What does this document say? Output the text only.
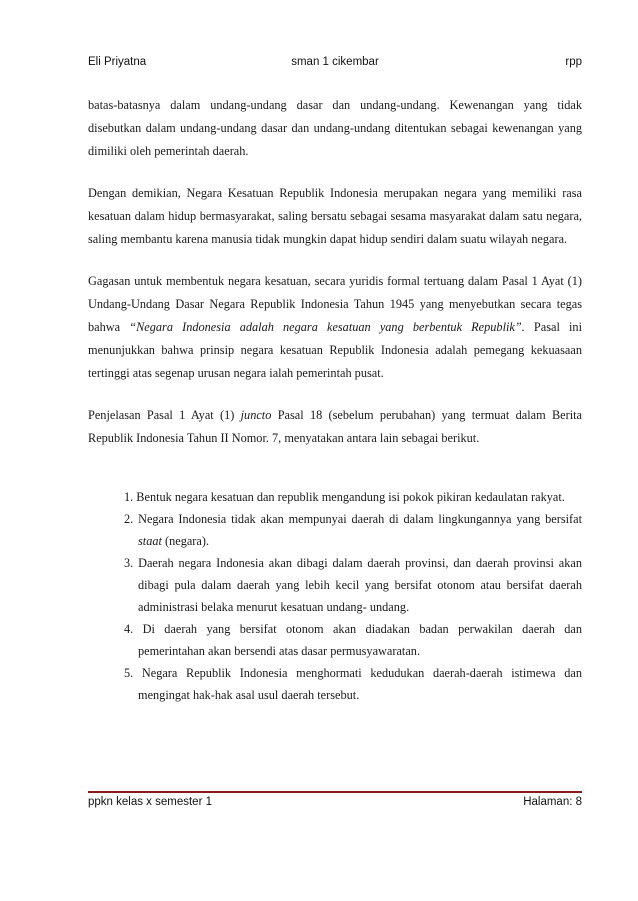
Eli Priyatna	sman 1 cikembar	rpp

batas-batasnya dalam undang-undang dasar dan undang-undang. Kewenangan yang tidak disebutkan dalam undang-undang dasar dan undang-undang ditentukan sebagai kewenangan yang dimiliki oleh pemerintah daerah.

Dengan demikian, Negara Kesatuan Republik Indonesia merupakan negara yang memiliki rasa kesatuan dalam hidup bermasyarakat, saling bersatu sebagai sesama masyarakat dalam satu negara, saling membantu karena manusia tidak mungkin dapat hidup sendiri dalam suatu wilayah negara.

Gagasan untuk membentuk negara kesatuan, secara yuridis formal tertuang dalam Pasal 1 Ayat (1) Undang-Undang Dasar Negara Republik Indonesia Tahun 1945 yang menyebutkan secara tegas bahwa “Negara Indonesia adalah negara kesatuan yang berbentuk Republik”. Pasal ini menunjukkan bahwa prinsip negara kesatuan Republik Indonesia adalah pemegang kekuasaan tertinggi atas segenap urusan negara ialah pemerintah pusat.

Penjelasan Pasal 1 Ayat (1) juncto Pasal 18 (sebelum perubahan) yang termuat dalam Berita Republik Indonesia Tahun II Nomor. 7, menyatakan antara lain sebagai berikut.

1. Bentuk negara kesatuan dan republik mengandung isi pokok pikiran kedaulatan rakyat.
2. Negara Indonesia tidak akan mempunyai daerah di dalam lingkungannya yang bersifat staat (negara).
3. Daerah negara Indonesia akan dibagi dalam daerah provinsi, dan daerah provinsi akan dibagi pula dalam daerah yang lebih kecil yang bersifat otonom atau bersifat daerah administrasi belaka menurut kesatuan undang- undang.
4. Di daerah yang bersifat otonom akan diadakan badan perwakilan daerah dan pemerintahan akan bersendi atas dasar permusyawaratan.
5. Negara Republik Indonesia menghormati kedudukan daerah-daerah istimewa dan mengingat hak-hak asal usul daerah tersebut.
ppkn kelas x semester 1	Halaman: 8
